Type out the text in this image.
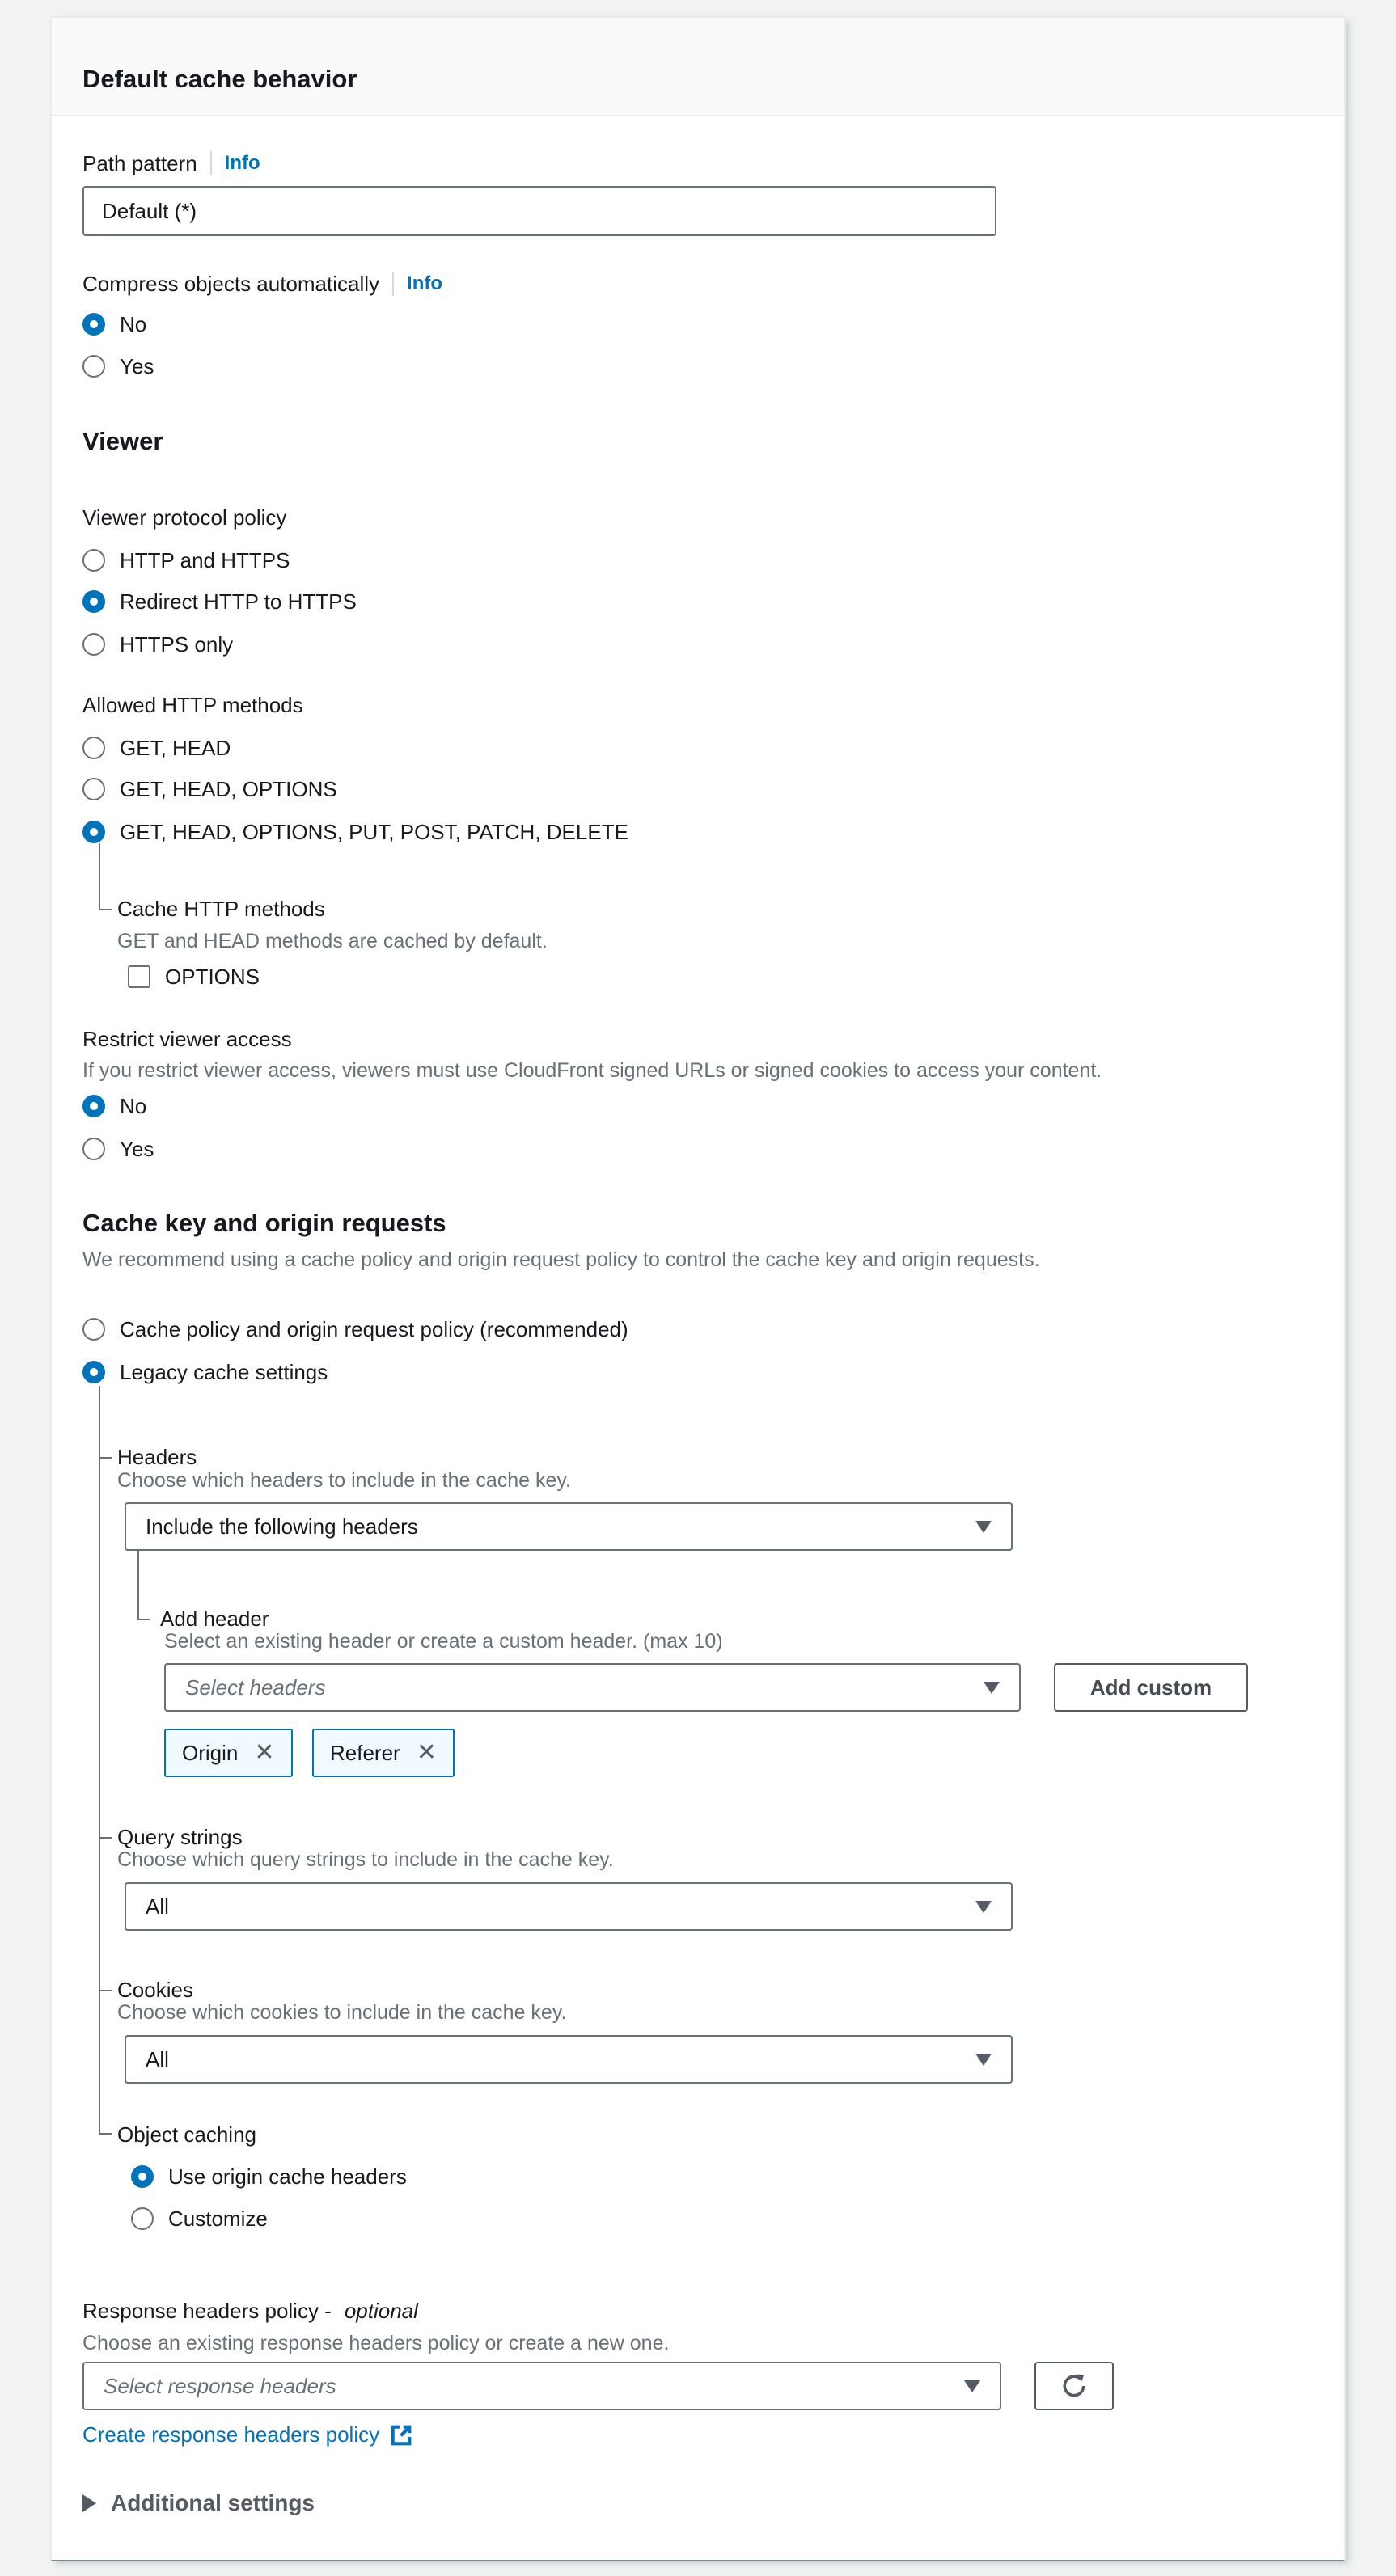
Default cache behavior
Path pattern Info
Default (*)
Compress objects automatically Info
No
Yes
Viewer
Viewer protocol policy
HTTP and HTTPS
Redirect HTTP to HTTPS
HTTPS only
Allowed HTTP methods
GET, HEAD
GET, HEAD, OPTIONS
GET, HEAD, OPTIONS, PUT, POST, PATCH, DELETE
Cache HTTP methods
GET and HEAD methods are cached by default.
OPTIONS
Restrict viewer access
If you restrict viewer access, viewers must use CloudFront signed URLs or signed cookies to access your content.
No
Yes
Cache key and origin requests
We recommend using a cache policy and origin request policy to control the cache key and origin requests.
Cache policy and origin request policy (recommended)
Legacy cache settings
Headers
Choose which headers to include in the cache key.
Include the following headers
Add header
Select an existing header or create a custom header. (max 10)
Select headers	Add custom
Origin ✕	Referer ✕
Query strings
Choose which query strings to include in the cache key.
All
Cookies
Choose which cookies to include in the cache key.
All
Object caching
Use origin cache headers
Customize
Response headers policy - optional
Choose an existing response headers policy or create a new one.
Select response headers
Create response headers policy
Additional settings
